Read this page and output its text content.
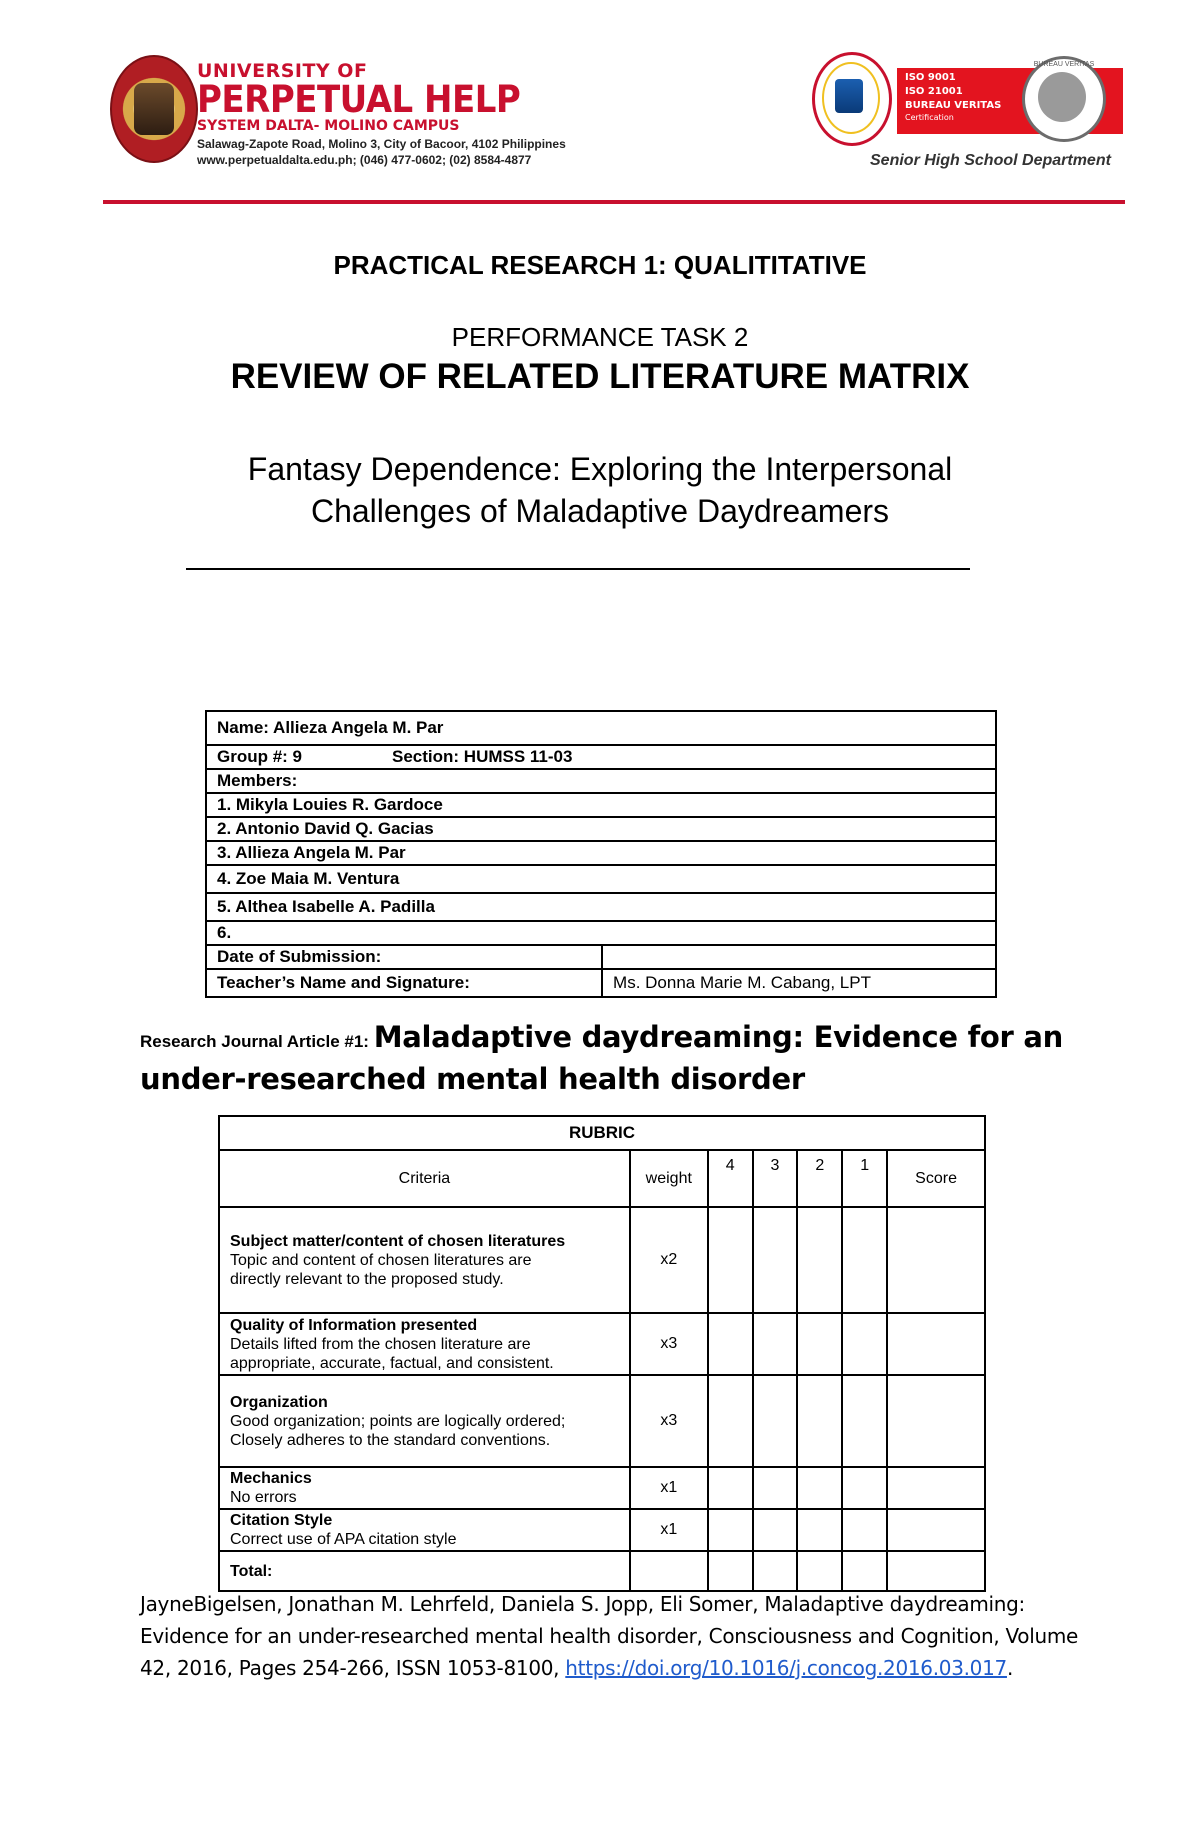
UNIVERSITY OF
PERPETUAL HELP
SYSTEM DALTA- MOLINO CAMPUS
Salawag-Zapote Road, Molino 3, City of Bacoor, 4102 Philippines
www.perpetualdalta.edu.ph; (046) 477-0602; (02) 8584-4877
ISO 9001
ISO 21001
BUREAU VERITAS
Certification
BUREAU VERITAS
Senior High School Department
PRACTICAL RESEARCH 1: QUALITITATIVE
PERFORMANCE TASK 2
REVIEW OF RELATED LITERATURE MATRIX
Fantasy Dependence: Exploring the Interpersonal
Challenges of Maladaptive Daydreamers
Name: Allieza Angela M. Par	
Group #: 9 Section: HUMSS 11-03	
Members:	
1. Mikyla Louies R. Gardoce	
2. Antonio David Q. Gacias	
3. Allieza Angela M. Par	
4. Zoe Maia M. Ventura	
5. Althea Isabelle A. Padilla	
6.	
Date of Submission:	
Teacher’s Name and Signature:	Ms. Donna Marie M. Cabang, LPT
Research Journal Article #1: Maladaptive daydreaming: Evidence for an
under-researched mental health disorder
RUBRIC						
Criteria	weight	4	3	2	1	Score

Subject matter/content of chosen literatures
Topic and content of chosen literatures are
directly relevant to the proposed study.	x2					

Quality of Information presented
Details lifted from the chosen literature are
appropriate, accurate, factual, and consistent.	x3					

Organization
Good organization; points are logically ordered;
Closely adheres to the standard conventions.	x3					

Mechanics
No errors	x1					

Citation Style
Correct use of APA citation style	x1					
Total:						
JayneBigelsen, Jonathan M. Lehrfeld, Daniela S. Jopp, Eli Somer, Maladaptive daydreaming: Evidence for an under-researched mental health disorder, Consciousness and Cognition, Volume 42, 2016, Pages 254-266, ISSN 1053-8100, https://doi.org/10.1016/j.concog.2016.03.017.
